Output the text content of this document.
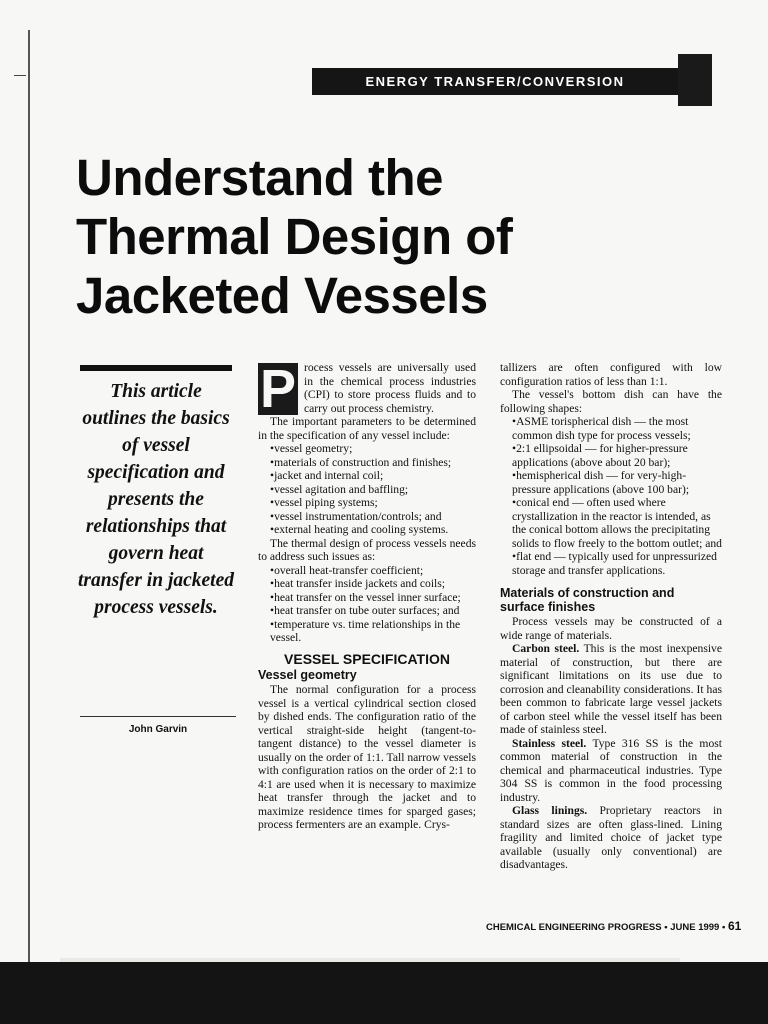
ENERGY TRANSFER/CONVERSION
Understand the
Thermal Design of
Jacketed Vessels

This article outlines the basics of vessel specification and presents the relationships that govern heat transfer in jacketed process vessels.

John Garvin

P rocess vessels are universally used in the chemical process industries (CPI) to store process fluids and to carry out process chemistry.

The important parameters to be determined in the specification of any vessel include:

• vessel geometry;
• materials of construction and finishes;
• jacket and internal coil;
• vessel agitation and baffling;
• vessel piping systems;
• vessel instrumentation/controls; and
• external heating and cooling systems.

The thermal design of process vessels needs to address such issues as:

• overall heat-transfer coefficient;
• heat transfer inside jackets and coils;
• heat transfer on the vessel inner surface;
• heat transfer on tube outer surfaces; and
• temperature vs. time relationships in the vessel.
VESSEL SPECIFICATION
Vessel geometry

The normal configuration for a process vessel is a vertical cylindrical section closed by dished ends. The configuration ratio of the vertical straight-side height (tangent-to-tangent distance) to the vessel diameter is usually on the order of 1:1. Tall narrow vessels with configuration ratios on the order of 2:1 to 4:1 are used when it is necessary to maximize heat transfer through the jacket and to maximize residence times for sparged gases; process fermenters are an example. Crys-

tallizers are often configured with low configuration ratios of less than 1:1.

The vessel's bottom dish can have the following shapes:

• ASME torispherical dish — the most common dish type for process vessels;
• 2:1 ellipsoidal — for higher-pressure applications (above about 20 bar);
• hemispherical dish — for very-high-pressure applications (above 100 bar);
• conical end — often used where crystallization in the reactor is intended, as the conical bottom allows the precipitating solids to flow freely to the bottom outlet; and
• flat end — typically used for unpressurized storage and transfer applications.
Materials of construction and surface finishes

Process vessels may be constructed of a wide range of materials.

Carbon steel. This is the most inexpensive material of construction, but there are significant limitations on its use due to corrosion and cleanability considerations. It has been common to fabricate large vessel jackets of carbon steel while the vessel itself has been made of stainless steel.

Stainless steel. Type 316 SS is the most common material of construction in the chemical and pharmaceutical industries. Type 304 SS is common in the food processing industry.

Glass linings. Proprietary reactors in standard sizes are often glass-lined. Lining fragility and limited choice of jacket type available (usually only conventional) are disadvantages.

CHEMICAL ENGINEERING PROGRESS • JUNE 1999 • 61
